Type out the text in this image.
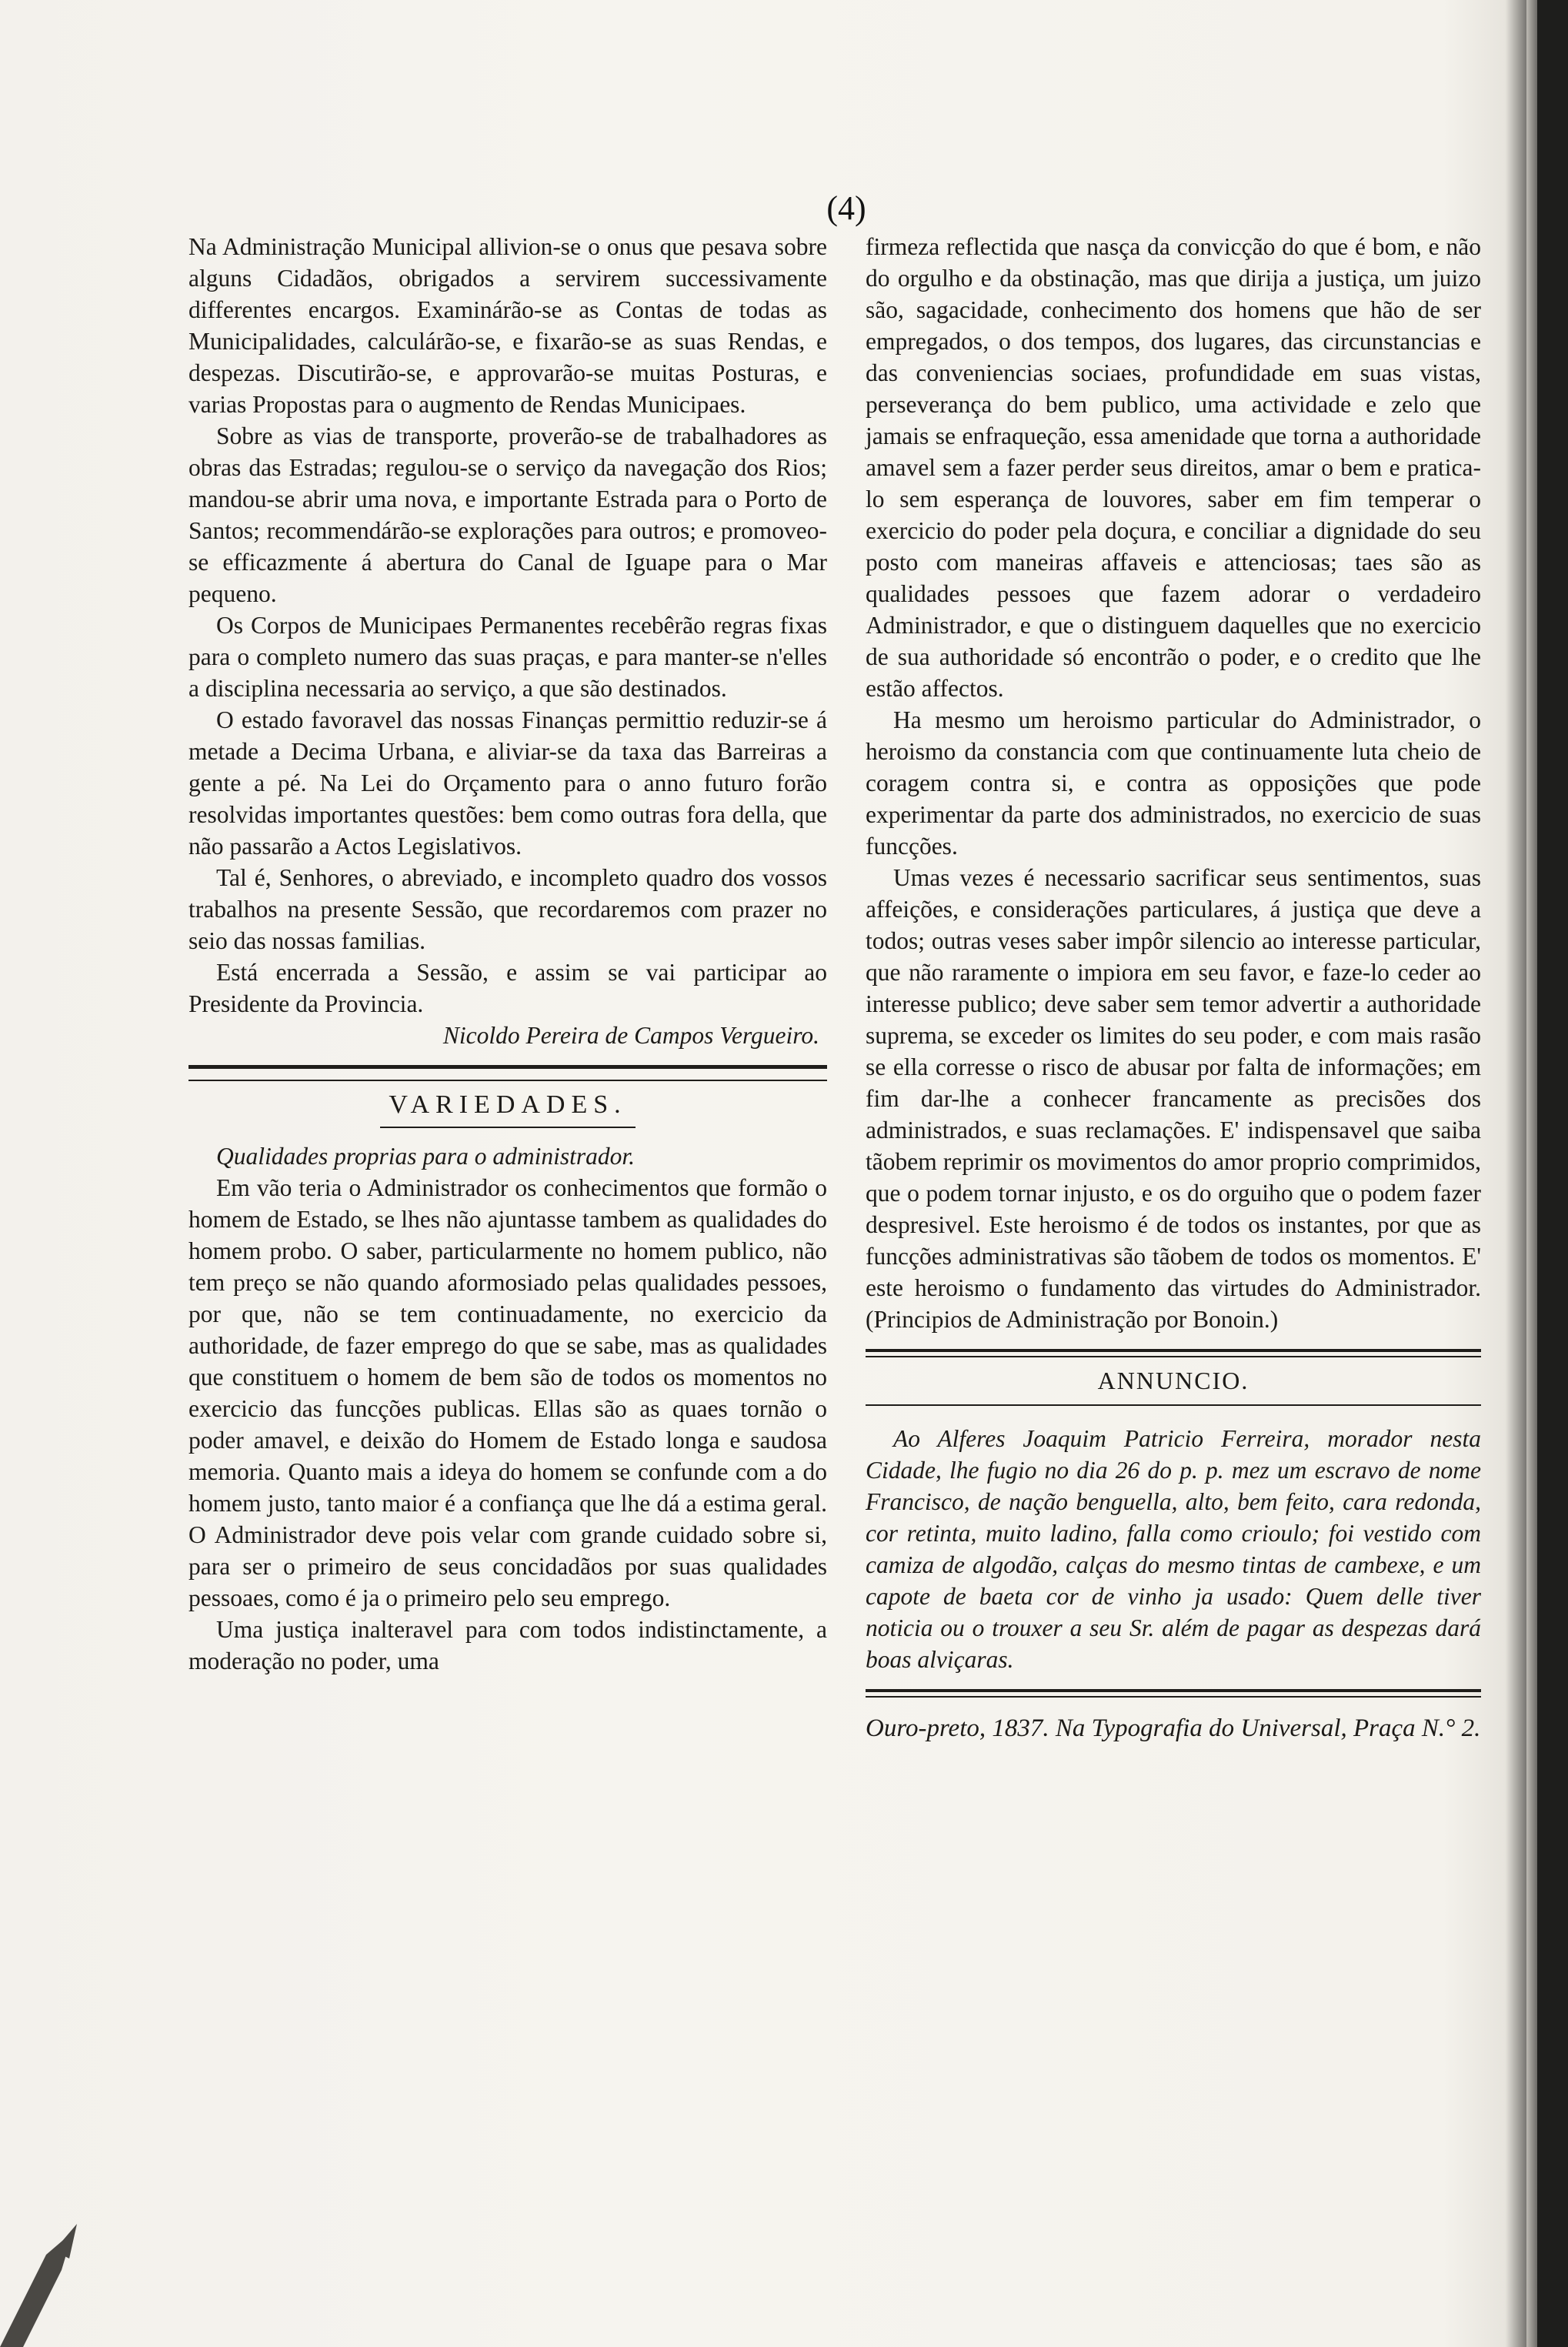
(4)

Na Administração Municipal allivion-se o onus que pesava sobre alguns Cidadãos, obrigados a servirem successivamente differentes encargos. Examinárão-se as Contas de todas as Municipalidades, calculárão-se, e fixarão-se as suas Rendas, e despezas. Discutirão-se, e approvarão-se muitas Posturas, e varias Propostas para o augmento de Rendas Municipaes.

Sobre as vias de transporte, proverão-se de trabalhadores as obras das Estradas; regulou-se o serviço da navegação dos Rios; mandou-se abrir uma nova, e importante Estrada para o Porto de Santos; recommendárão-se explorações para outros; e promoveo-se efficazmente á abertura do Canal de Iguape para o Mar pequeno.

Os Corpos de Municipaes Permanentes recebêrão regras fixas para o completo numero das suas praças, e para manter-se n'elles a disciplina necessaria ao serviço, a que são destinados.

O estado favoravel das nossas Finanças permittio reduzir-se á metade a Decima Urbana, e aliviar-se da taxa das Barreiras a gente a pé. Na Lei do Orçamento para o anno futuro forão resolvidas importantes questões: bem como outras fora della, que não passarão a Actos Legislativos.

Tal é, Senhores, o abreviado, e incompleto quadro dos vossos trabalhos na presente Sessão, que recordaremos com prazer no seio das nossas familias.

Está encerrada a Sessão, e assim se vai participar ao Presidente da Provincia.

Nicoldo Pereira de Campos Vergueiro.
VARIEDADES.

Qualidades proprias para o administrador.

Em vão teria o Administrador os conhecimentos que formão o homem de Estado, se lhes não ajuntasse tambem as qualidades do homem probo. O saber, particularmente no homem publico, não tem preço se não quando aformosiado pelas qualidades pessoes, por que, não se tem continuadamente, no exercicio da authoridade, de fazer emprego do que se sabe, mas as qualidades que constituem o homem de bem são de todos os momentos no exercicio das funcções publicas. Ellas são as quaes tornão o poder amavel, e deixão do Homem de Estado longa e saudosa memoria. Quanto mais a ideya do homem se confunde com a do homem justo, tanto maior é a confiança que lhe dá a estima geral. O Administrador deve pois velar com grande cuidado sobre si, para ser o primeiro de seus concidadãos por suas qualidades pessoaes, como é ja o primeiro pelo seu emprego.

Uma justiça inalteravel para com todos indistinctamente, a moderação no poder, uma

firmeza reflectida que nasça da convicção do que é bom, e não do orgulho e da obstinação, mas que dirija a justiça, um juizo são, sagacidade, conhecimento dos homens que hão de ser empregados, o dos tempos, dos lugares, das circunstancias e das conveniencias sociaes, profundidade em suas vistas, perseverança do bem publico, uma actividade e zelo que jamais se enfraqueção, essa amenidade que torna a authoridade amavel sem a fazer perder seus direitos, amar o bem e pratica-lo sem esperança de louvores, saber em fim temperar o exercicio do poder pela doçura, e conciliar a dignidade do seu posto com maneiras affaveis e attenciosas; taes são as qualidades pessoes que fazem adorar o verdadeiro Administrador, e que o distinguem daquelles que no exercicio de sua authoridade só encontrão o poder, e o credito que lhe estão affectos.

Ha mesmo um heroismo particular do Administrador, o heroismo da constancia com que continuamente luta cheio de coragem contra si, e contra as opposições que pode experimentar da parte dos administrados, no exercicio de suas funcções.

Umas vezes é necessario sacrificar seus sentimentos, suas affeições, e considerações particulares, á justiça que deve a todos; outras veses saber impôr silencio ao interesse particular, que não raramente o impiora em seu favor, e faze-lo ceder ao interesse publico; deve saber sem temor advertir a authoridade suprema, se exceder os limites do seu poder, e com mais rasão se ella corresse o risco de abusar por falta de informações; em fim dar-lhe a conhecer francamente as precisões dos administrados, e suas reclamações. E' indispensavel que saiba tãobem reprimir os movimentos do amor proprio comprimidos, que o podem tornar injusto, e os do orguiho que o podem fazer despresivel. Este heroismo é de todos os instantes, por que as funcções administrativas são tãobem de todos os momentos. E' este heroismo o fundamento das virtudes do Administrador. (Principios de Administração por Bonoin.)

ANNUNCIO.

Ao Alferes Joaquim Patricio Ferreira, morador nesta Cidade, lhe fugio no dia 26 do p. p. mez um escravo de nome Francisco, de nação benguella, alto, bem feito, cara redonda, cor retinta, muito ladino, falla como crioulo; foi vestido com camiza de algodão, calças do mesmo tintas de cambexe, e um capote de baeta cor de vinho ja usado: Quem delle tiver noticia ou o trouxer a seu Sr. além de pagar as despezas dará boas alviçaras.

Ouro-preto, 1837. Na Typografia do Universal, Praça N.° 2.
